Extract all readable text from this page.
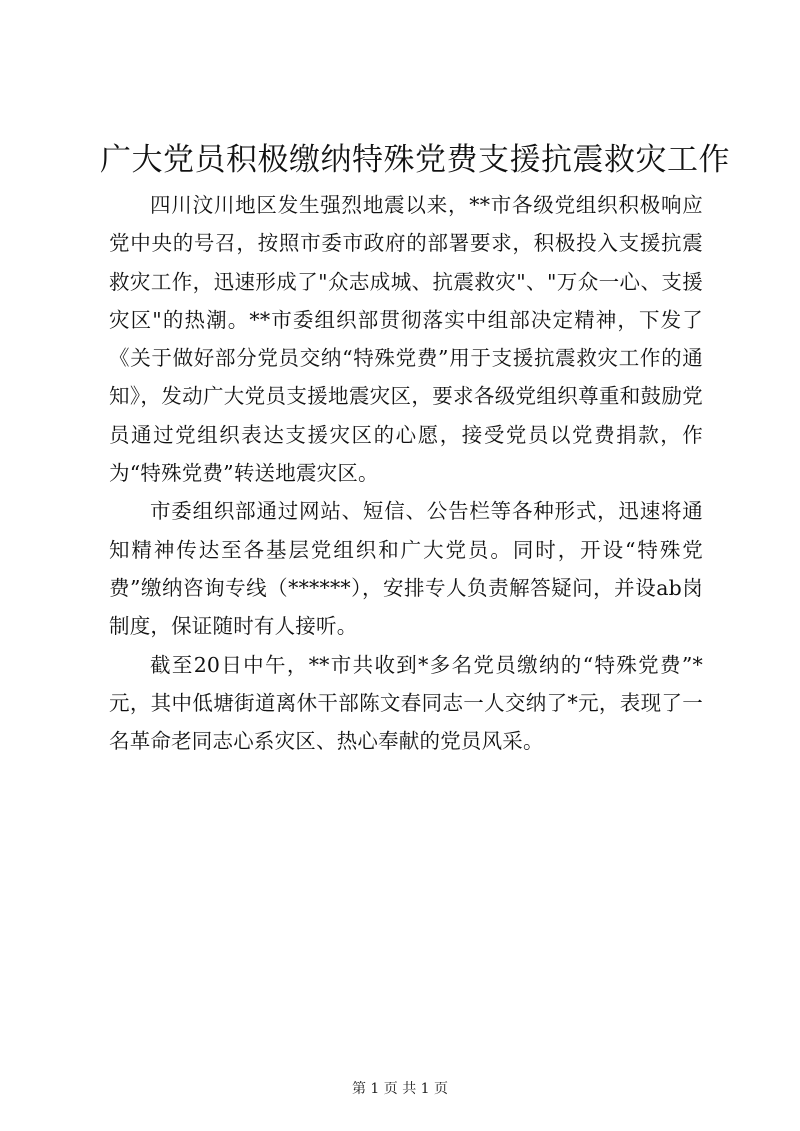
广大党员积极缴纳特殊党费支援抗震救灾工作

四川汶川地区发生强烈地震以来，**市各级党组织积极响应党中央的号召，按照市委市政府的部署要求，积极投入支援抗震救灾工作，迅速形成了"众志成城、抗震救灾"、"万众一心、支援灾区"的热潮。**市委组织部贯彻落实中组部决定精神，下发了《关于做好部分党员交纳“特殊党费”用于支援抗震救灾工作的通知》，发动广大党员支援地震灾区，要求各级党组织尊重和鼓励党员通过党组织表达支援灾区的心愿，接受党员以党费捐款，作为“特殊党费”转送地震灾区。

市委组织部通过网站、短信、公告栏等各种形式，迅速将通知精神传达至各基层党组织和广大党员。同时，开设“特殊党费”缴纳咨询专线（******），安排专人负责解答疑问，并设ab岗制度，保证随时有人接听。

截至20日中午，**市共收到*多名党员缴纳的“特殊党费”*元，其中低塘街道离休干部陈文春同志一人交纳了*元，表现了一名革命老同志心系灾区、热心奉献的党员风采。

第 1 页 共 1 页
